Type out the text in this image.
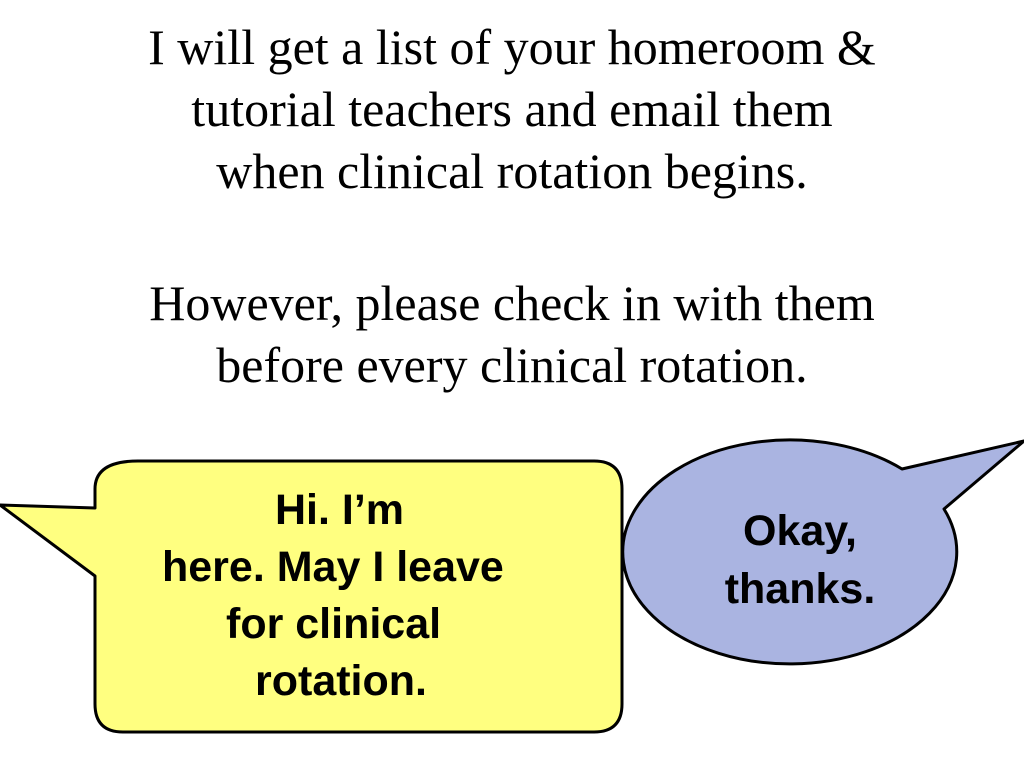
I will get a list of your homeroom &
tutorial teachers and email them
when clinical rotation begins.

However, please check in with them
before every clinical rotation.

Hi. I’m
here. May I leave
for clinical
rotation.

Okay,
thanks.
